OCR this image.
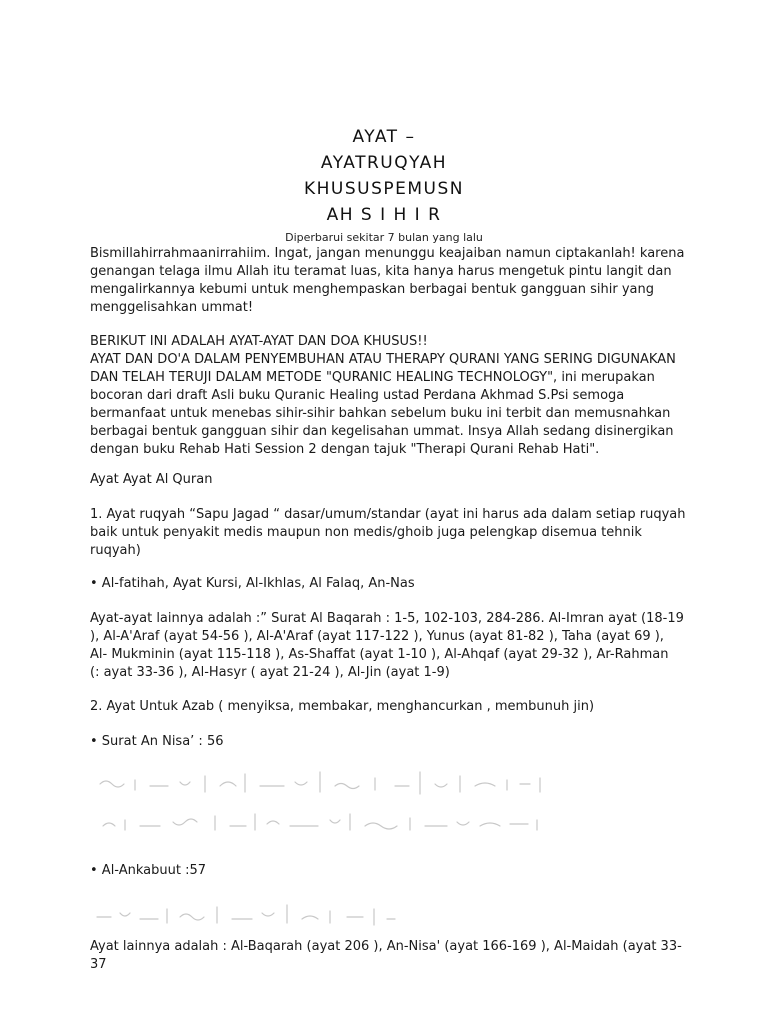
AYAT –
AYATRUQYAH
KHUSUSPEMUSN
AH S I H I R
Diperbarui sekitar 7 bulan yang lalu

Bismillahirrahmaanirrahiim. Ingat, jangan menunggu keajaiban namun ciptakanlah! karena

genangan telaga ilmu Allah itu teramat luas, kita hanya harus mengetuk pintu langit dan

mengalirkannya kebumi untuk menghempaskan berbagai bentuk gangguan sihir yang

menggelisahkan ummat!

BERIKUT INI ADALAH AYAT-AYAT DAN DOA KHUSUS!!

AYAT DAN DO'A DALAM PENYEMBUHAN ATAU THERAPY QURANI YANG SERING DIGUNAKAN

DAN TELAH TERUJI DALAM METODE "QURANIC HEALING TECHNOLOGY", ini merupakan

bocoran dari draft Asli buku Quranic Healing ustad Perdana Akhmad S.Psi semoga

bermanfaat untuk menebas sihir-sihir bahkan sebelum buku ini terbit dan memusnahkan

berbagai bentuk gangguan sihir dan kegelisahan ummat. Insya Allah sedang disinergikan

dengan buku Rehab Hati Session 2 dengan tajuk "Therapi Qurani Rehab Hati".

Ayat Ayat Al Quran

1. Ayat ruqyah “Sapu Jagad “ dasar/umum/standar (ayat ini harus ada dalam setiap ruqyah

baik untuk penyakit medis maupun non medis/ghoib juga pelengkap disemua tehnik

ruqyah)

• Al-fatihah, Ayat Kursi, Al-Ikhlas, Al Falaq, An-Nas

Ayat-ayat lainnya adalah :” Surat Al Baqarah : 1-5, 102-103, 284-286. Al-Imran ayat (18-19

), Al-A'Araf (ayat 54-56 ), Al-A'Araf (ayat 117-122 ), Yunus (ayat 81-82 ), Taha (ayat 69 ),

Al- Mukminin (ayat 115-118 ), As-Shaffat (ayat 1-10 ), Al-Ahqaf (ayat 29-32 ), Ar-Rahman

(: ayat 33-36 ), Al-Hasyr ( ayat 21-24 ), Al-Jin (ayat 1-9)

2. Ayat Untuk Azab ( menyiksa, membakar, menghancurkan , membunuh jin)
• Surat An Nisa’ : 56
• Al-Ankabuut :57

Ayat lainnya adalah : Al-Baqarah (ayat 206 ), An-Nisa' (ayat 166-169 ), Al-Maidah (ayat 33-

37
